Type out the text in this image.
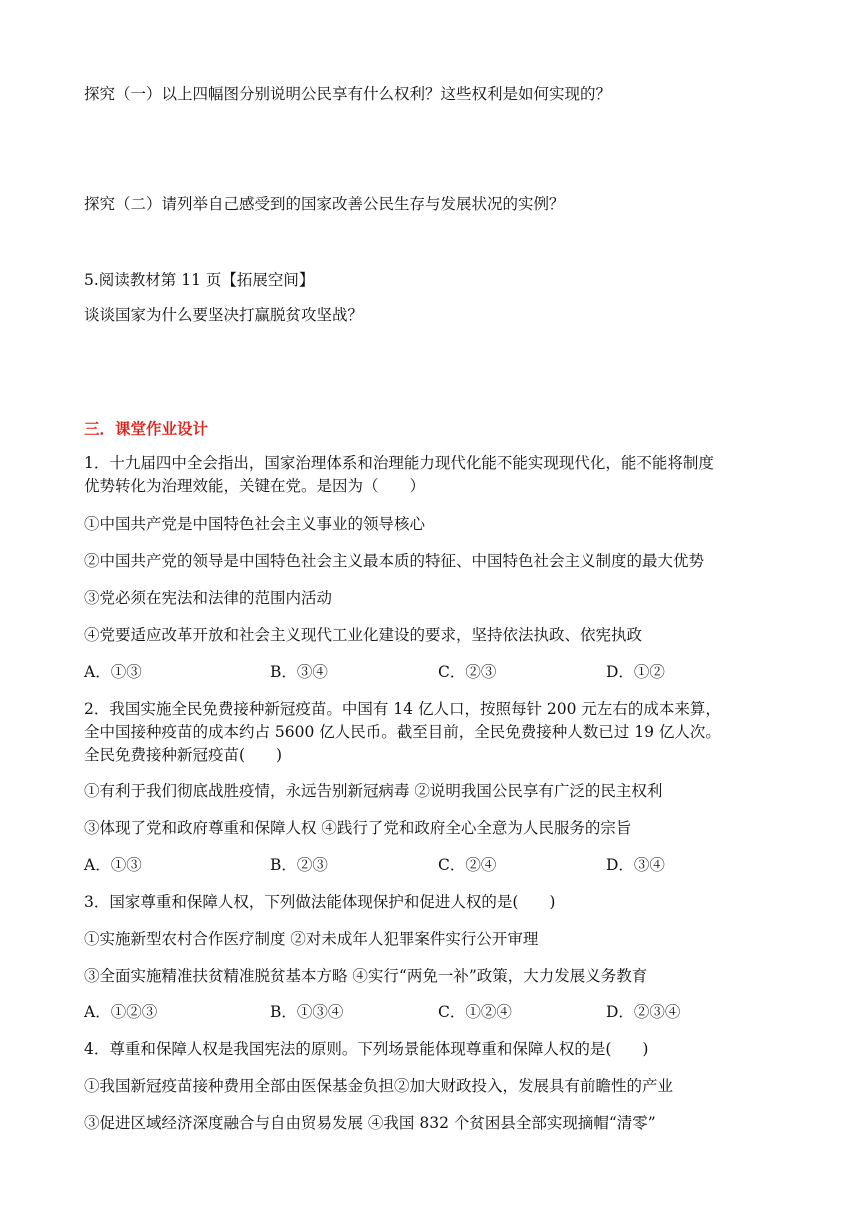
探究（一）以上四幅图分别说明公民享有什么权利？这些权利是如何实现的？
探究（二）请列举自己感受到的国家改善公民生存与发展状况的实例？
5.阅读教材第 11 页【拓展空间】
谈谈国家为什么要坚决打赢脱贫攻坚战？
三．课堂作业设计
1．十九届四中全会指出，国家治理体系和治理能力现代化能不能实现现代化，能不能将制度
优势转化为治理效能，关键在党。是因为（　　）
①中国共产党是中国特色社会主义事业的领导核心
②中国共产党的领导是中国特色社会主义最本质的特征、中国特色社会主义制度的最大优势
③党必须在宪法和法律的范围内活动
④党要适应改革开放和社会主义现代工业化建设的要求，坚持依法执政、依宪执政
A．①③	B．③④	C．②③	D．①②
2．我国实施全民免费接种新冠疫苗。中国有 14 亿人口，按照每针 200 元左右的成本来算，
全中国接种疫苗的成本约占 5600 亿人民币。截至目前，全民免费接种人数已过 19 亿人次。
全民免费接种新冠疫苗(　　)
①有利于我们彻底战胜疫情，永远告别新冠病毒 ②说明我国公民享有广泛的民主权利
③体现了党和政府尊重和保障人权 ④践行了党和政府全心全意为人民服务的宗旨
A．①③	B．②③	C．②④	D．③④
3．国家尊重和保障人权，下列做法能体现保护和促进人权的是(　　)
①实施新型农村合作医疗制度 ②对未成年人犯罪案件实行公开审理
③全面实施精准扶贫精准脱贫基本方略 ④实行“两免一补”政策，大力发展义务教育
A．①②③	B．①③④	C．①②④	D．②③④
4．尊重和保障人权是我国宪法的原则。下列场景能体现尊重和保障人权的是(　　)
①我国新冠疫苗接种费用全部由医保基金负担②加大财政投入，发展具有前瞻性的产业
③促进区域经济深度融合与自由贸易发展 ④我国 832 个贫困县全部实现摘帽“清零”
